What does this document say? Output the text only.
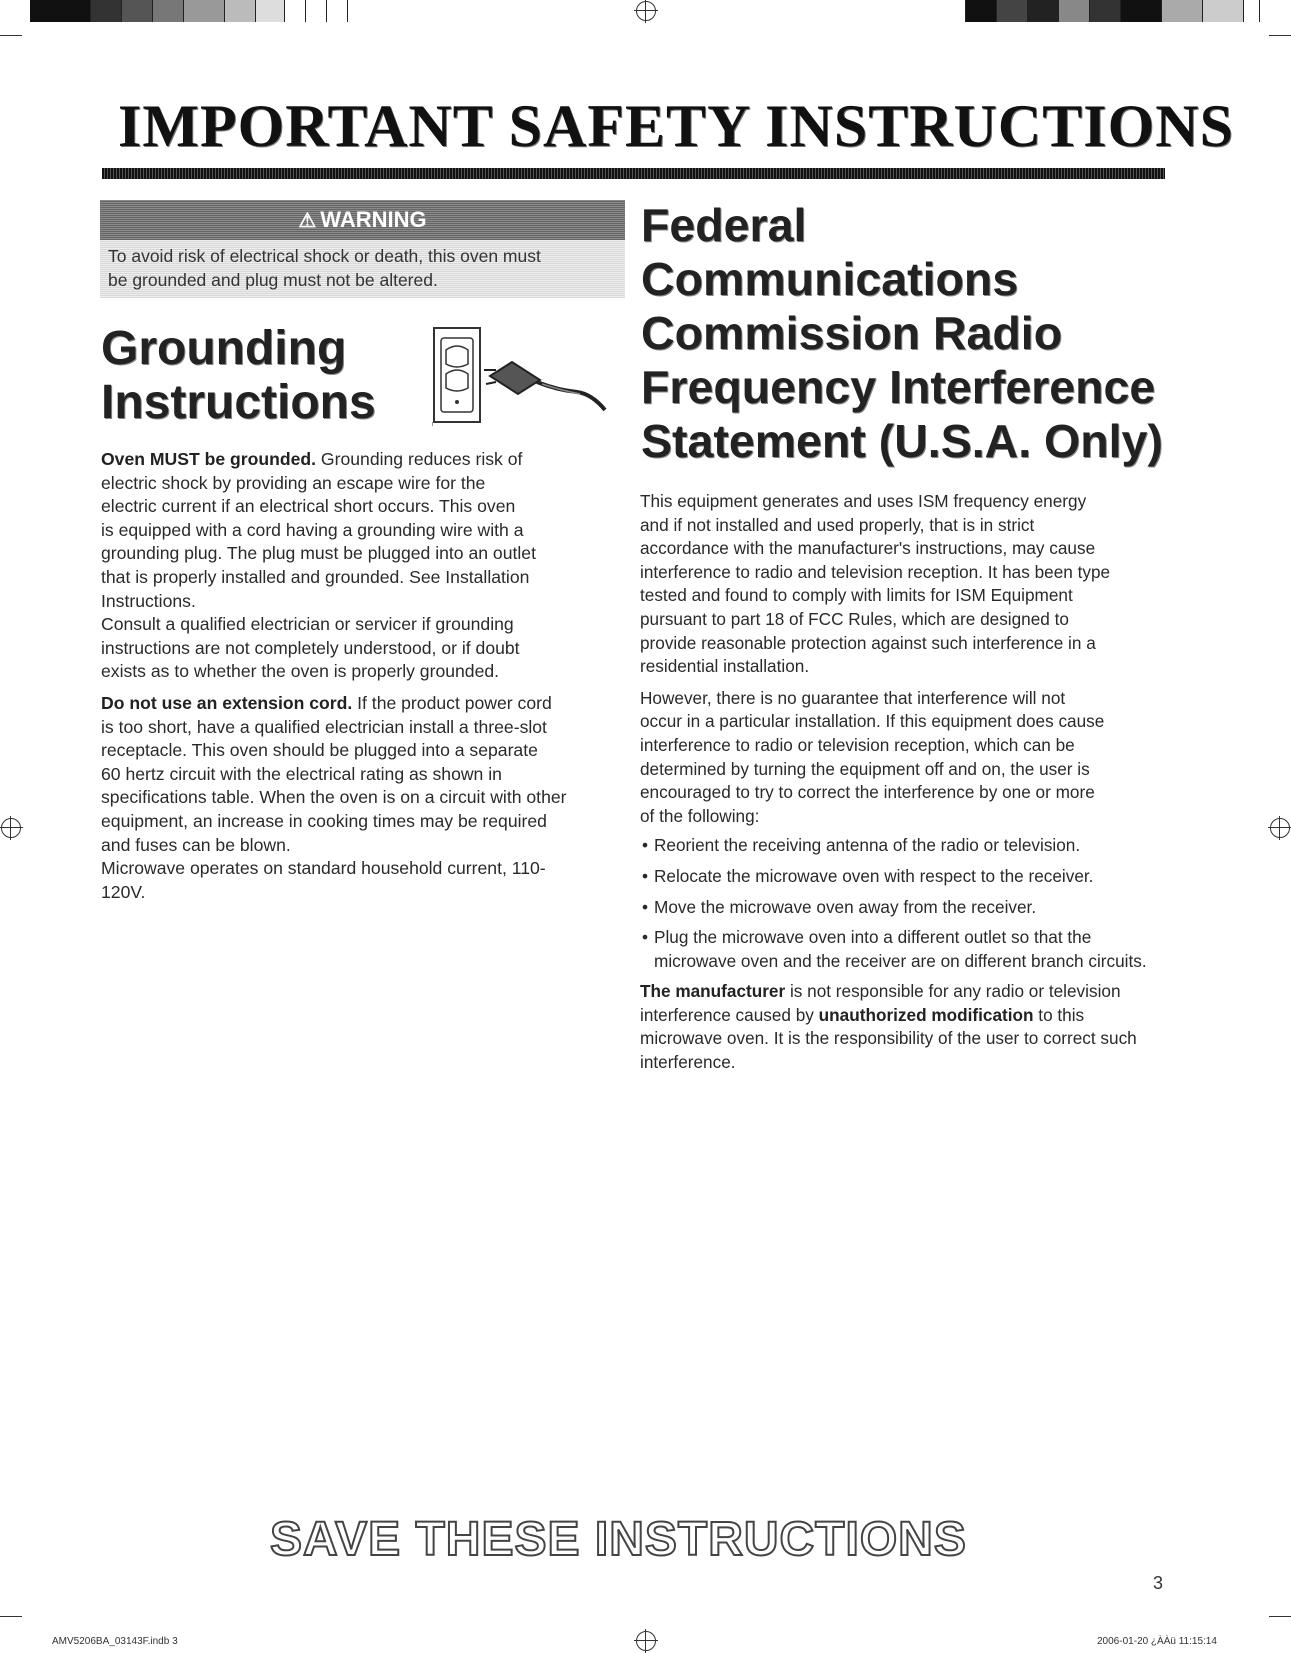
IMPORTANT SAFETY INSTRUCTIONS
⚠ WARNING
To avoid risk of electrical shock or death, this oven must
be grounded and plug must not be altered.
Grounding
Instructions

Oven MUST be grounded. Grounding reduces risk of
electric shock by providing an escape wire for the
electric current if an electrical short occurs. This oven
is equipped with a cord having a grounding wire with a
grounding plug. The plug must be plugged into an outlet
that is properly installed and grounded. See Installation
Instructions.
Consult a qualified electrician or servicer if grounding
instructions are not completely understood, or if doubt
exists as to whether the oven is properly grounded.

Do not use an extension cord. If the product power cord
is too short, have a qualified electrician install a three-slot
receptacle. This oven should be plugged into a separate
60 hertz circuit with the electrical rating as shown in
specifications table. When the oven is on a circuit with other
equipment, an increase in cooking times may be required
and fuses can be blown.
Microwave operates on standard household current, 110-
120V.

Federal
Communications
Commission Radio
Frequency Interference
Statement (U.S.A. Only)

This equipment generates and uses ISM frequency energy
and if not installed and used properly, that is in strict
accordance with the manufacturer's instructions, may cause
interference to radio and television reception. It has been type
tested and found to comply with limits for ISM Equipment
pursuant to part 18 of FCC Rules, which are designed to
provide reasonable protection against such interference in a
residential installation.

However, there is no guarantee that interference will not
occur in a particular installation. If this equipment does cause
interference to radio or television reception, which can be
determined by turning the equipment off and on, the user is
encouraged to try to correct the interference by one or more
of the following:

• Reorient the receiving antenna of the radio or television.
• Relocate the microwave oven with respect to the receiver.
• Move the microwave oven away from the receiver.
• Plug the microwave oven into a different outlet so that the microwave oven and the receiver are on different branch circuits.

The manufacturer is not responsible for any radio or television interference caused by unauthorized modification to this microwave oven. It is the responsibility of the user to correct such interference.

SAVE THESE INSTRUCTIONS
3
AMV5206BA_03143F.indb 3	2006-01-20 ¿ÀÀü 11:15:14
